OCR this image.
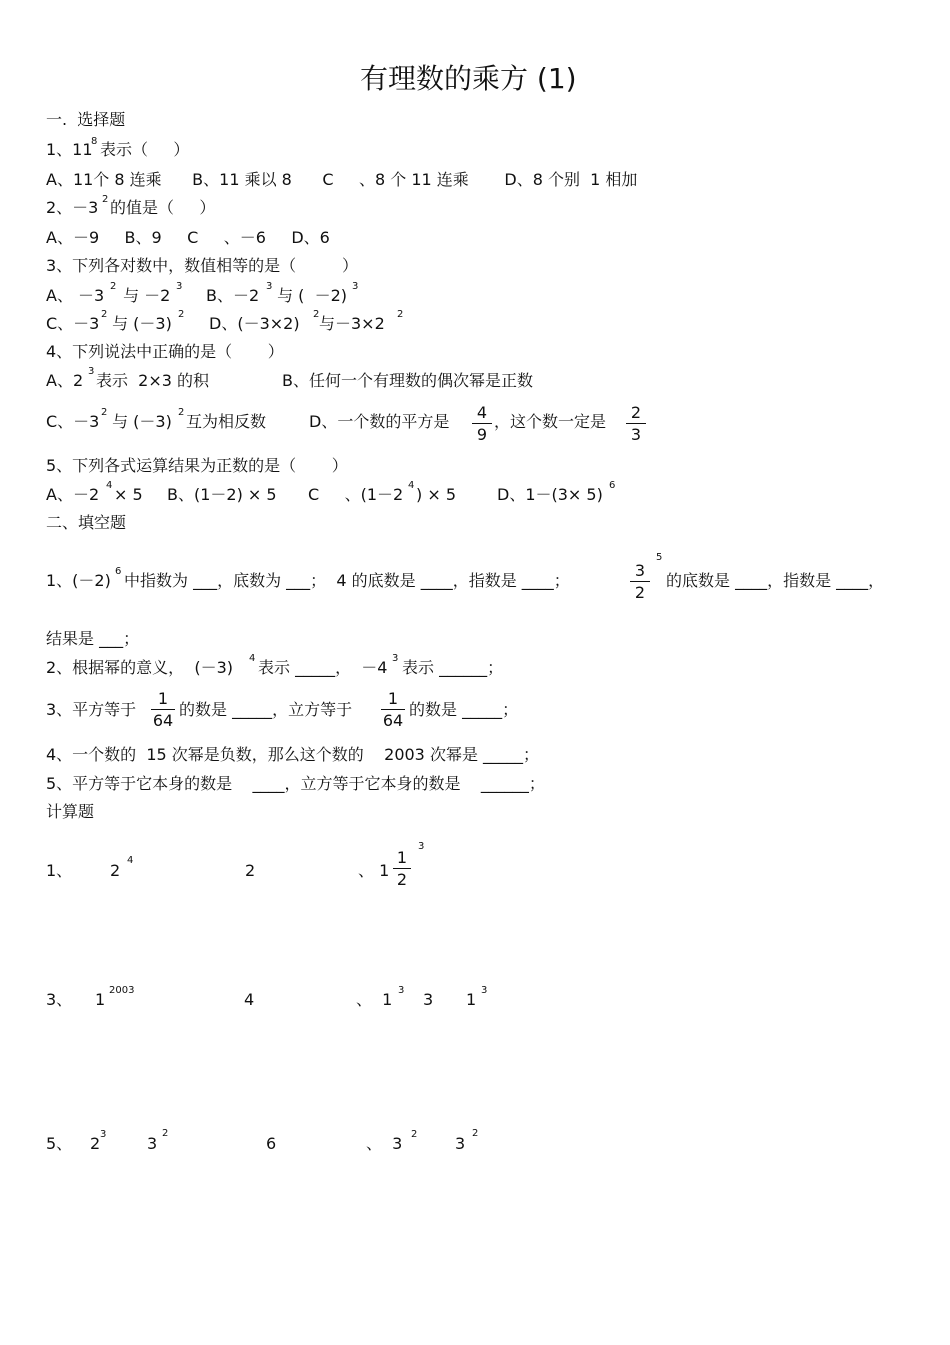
有理数的乘方 (1)
一.  选择题
1、11
8 表示（     ）
A、11个 8 连乘      B、11 乘以 8      C     、8 个 11 连乘       D、8 个别  1 相加
2、－3 2 的值是（     ）
A、－9     B、9     C     、－6     D、6
3、下列各对数中，数值相等的是（         ）
A、 －3 2 与 －2 3 B、－2 3 与 (  －2) 3
C、－3 2 与 (－3) 2 D、(－3×2) 2 与－3×2 2
4、下列说法中正确的是（       ）
A、2 3 表示  2×3 的积	B、任何一个有理数的偶次幂是正数
C、－3 2 与 (－3) 2 互为相反数	D、一个数的平方是	4
9
，这个数一定是	2
3
5、下列各式运算结果为正数的是（       ）
A、－2 4 × 5 B、(1－2) × 5 C     、(1－2 4 ) × 5	D、1－(3× 5) 6
二、填空题
1、(－2) 6 中指数为 ___，底数为 ___；  4 的底数是 ____，指数是 ____；
3
2
5
的底数是 ____，指数是 ____，
结果是 ___；
2、根据幂的意义，  (－3) 4 表示 _____，  －4 3 表示 ______；
3、平方等于
1
64
的数是 _____，立方等于
1
64
的数是 _____；
4、一个数的  15 次幂是负数，那么这个数的    2003 次幂是 _____；
5、平方等于它本身的数是    ____，立方等于它本身的数是    ______；
计算题
1、 2
4
2	、 1
1
2
3
3、 1 2003	4	、  1 3 3 1 3
5、 2 3	3
2
6	、  3 2 3
2
